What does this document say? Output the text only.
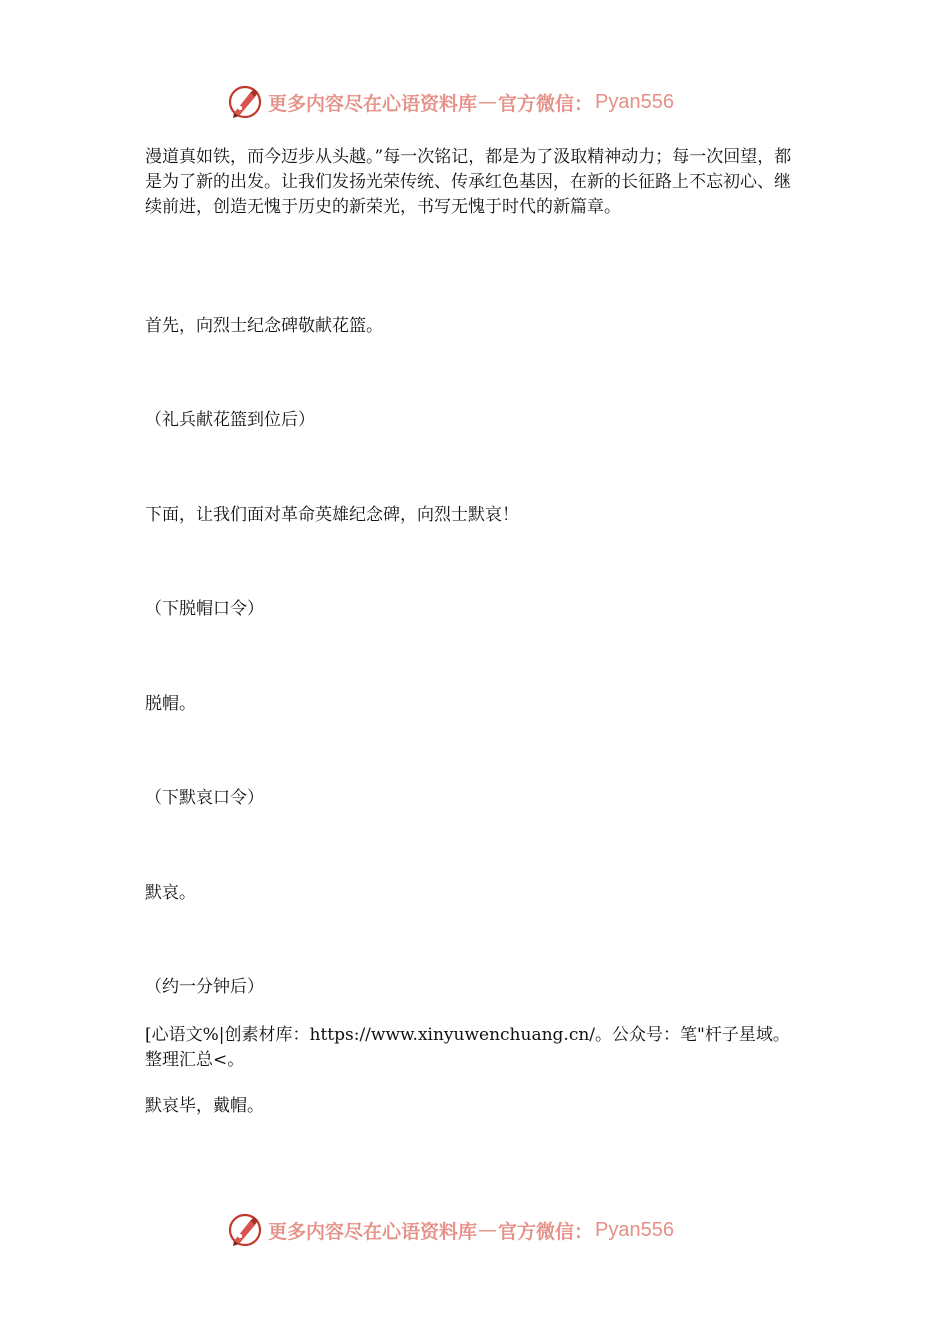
更多内容尽在心语资料库 — 官方微信： Pyan556

漫道真如铁，而今迈步从头越。”每一次铭记，都是为了汲取精神动力；每一次回望，都是为了新的出发。让我们发扬光荣传统、传承红色基因，在新的长征路上不忘初心、继续前进，创造无愧于历史的新荣光，书写无愧于时代的新篇章。

首先，向烈士纪念碑敬献花篮。

（礼兵献花篮到位后）

下面，让我们面对革命英雄纪念碑，向烈士默哀！

（下脱帽口令）

脱帽。

（下默哀口令）

默哀。

（约一分钟后）

[心语文%|创素材库：https://www.xinyuwenchuang.cn/。公众号：笔"杆子星域。整理汇总<。

默哀毕，戴帽。

更多内容尽在心语资料库 — 官方微信： Pyan556
